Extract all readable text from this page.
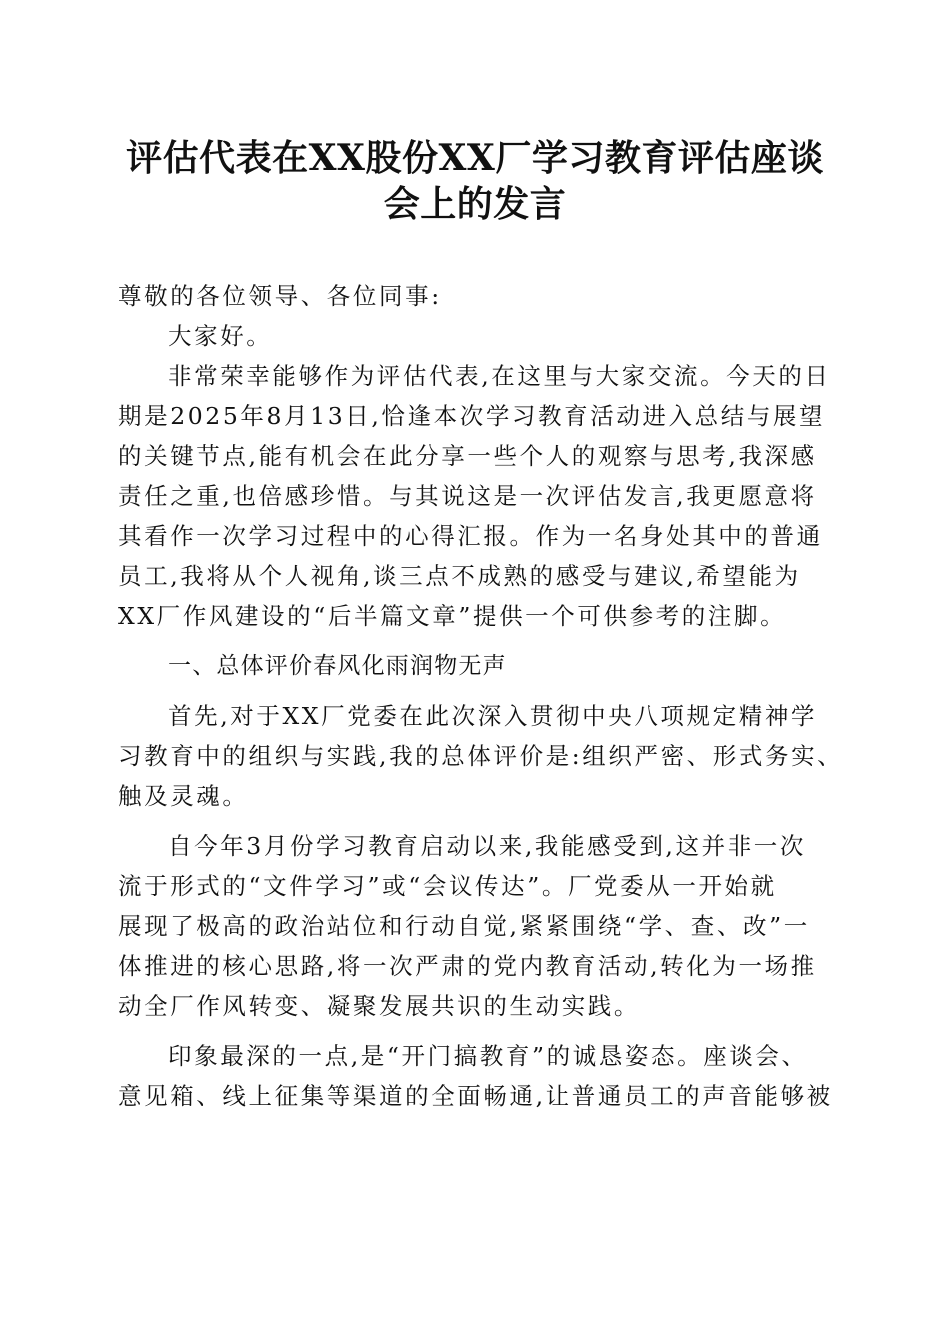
评估代表在XX股份XX厂学习教育评估座谈
会上的发言

尊敬的各位领导、各位同事:

大家好。

非常荣幸能够作为评估代表,在这里与大家交流。今天的日
期是2025年8月13日,恰逢本次学习教育活动进入总结与展望
的关键节点,能有机会在此分享一些个人的观察与思考,我深感
责任之重,也倍感珍惜。与其说这是一次评估发言,我更愿意将
其看作一次学习过程中的心得汇报。作为一名身处其中的普通
员工,我将从个人视角,谈三点不成熟的感受与建议,希望能为
XX厂作风建设的“后半篇文章”提供一个可供参考的注脚。

一、总体评价春风化雨润物无声

首先,对于XX厂党委在此次深入贯彻中央八项规定精神学
习教育中的组织与实践,我的总体评价是:组织严密、形式务实、
触及灵魂。

自今年3月份学习教育启动以来,我能感受到,这并非一次
流于形式的“文件学习”或“会议传达”。厂党委从一开始就
展现了极高的政治站位和行动自觉,紧紧围绕“学、查、改”一
体推进的核心思路,将一次严肃的党内教育活动,转化为一场推
动全厂作风转变、凝聚发展共识的生动实践。

印象最深的一点,是“开门搞教育”的诚恳姿态。座谈会、
意见箱、线上征集等渠道的全面畅通,让普通员工的声音能够被
